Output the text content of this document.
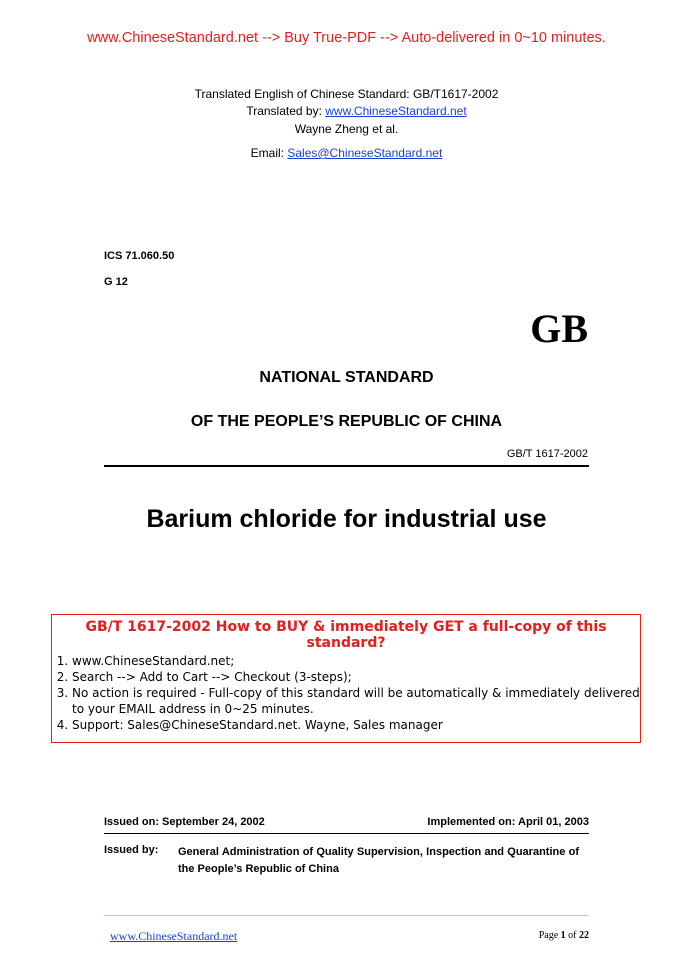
www.ChineseStandard.net --> Buy True-PDF --> Auto-delivered in 0~10 minutes.
Translated English of Chinese Standard: GB/T1617-2002
Translated by: www.ChineseStandard.net
Wayne Zheng et al.
Email: Sales@ChineseStandard.net
ICS 71.060.50
G 12
GB
NATIONAL STANDARD
OF THE PEOPLE’S REPUBLIC OF CHINA
GB/T 1617-2002
Barium chloride for industrial use
GB/T 1617-2002 How to BUY & immediately GET a full-copy of this standard?
1. www.ChineseStandard.net;
2. Search --> Add to Cart --> Checkout (3-steps);
3. No action is required - Full-copy of this standard will be automatically & immediately delivered to your EMAIL address in 0~25 minutes.
4. Support: Sales@ChineseStandard.net. Wayne, Sales manager
Issued on: September 24, 2002	Implemented on: April 01, 2003
Issued by: General Administration of Quality Supervision, Inspection and Quarantine of the People’s Republic of China
www.ChineseStandard.net	Page 1 of 22
